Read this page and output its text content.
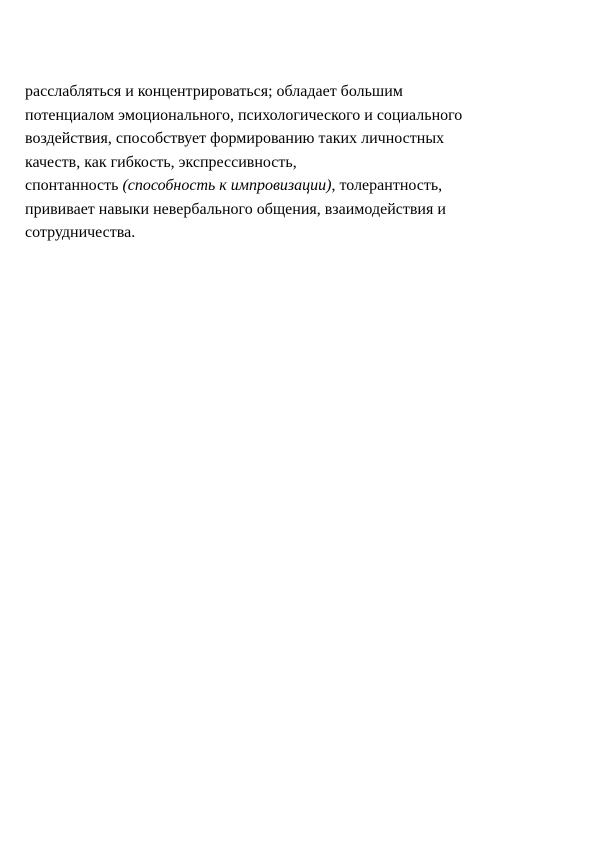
расслабляться и концентрироваться; обладает большим
потенциалом эмоционального, психологического и социального
воздействия, способствует формированию таких личностных
качеств, как гибкость, экспрессивность,
спонтанность (способность к импровизации), толерантность,
прививает навыки невербального общения, взаимодействия и
сотрудничества.
